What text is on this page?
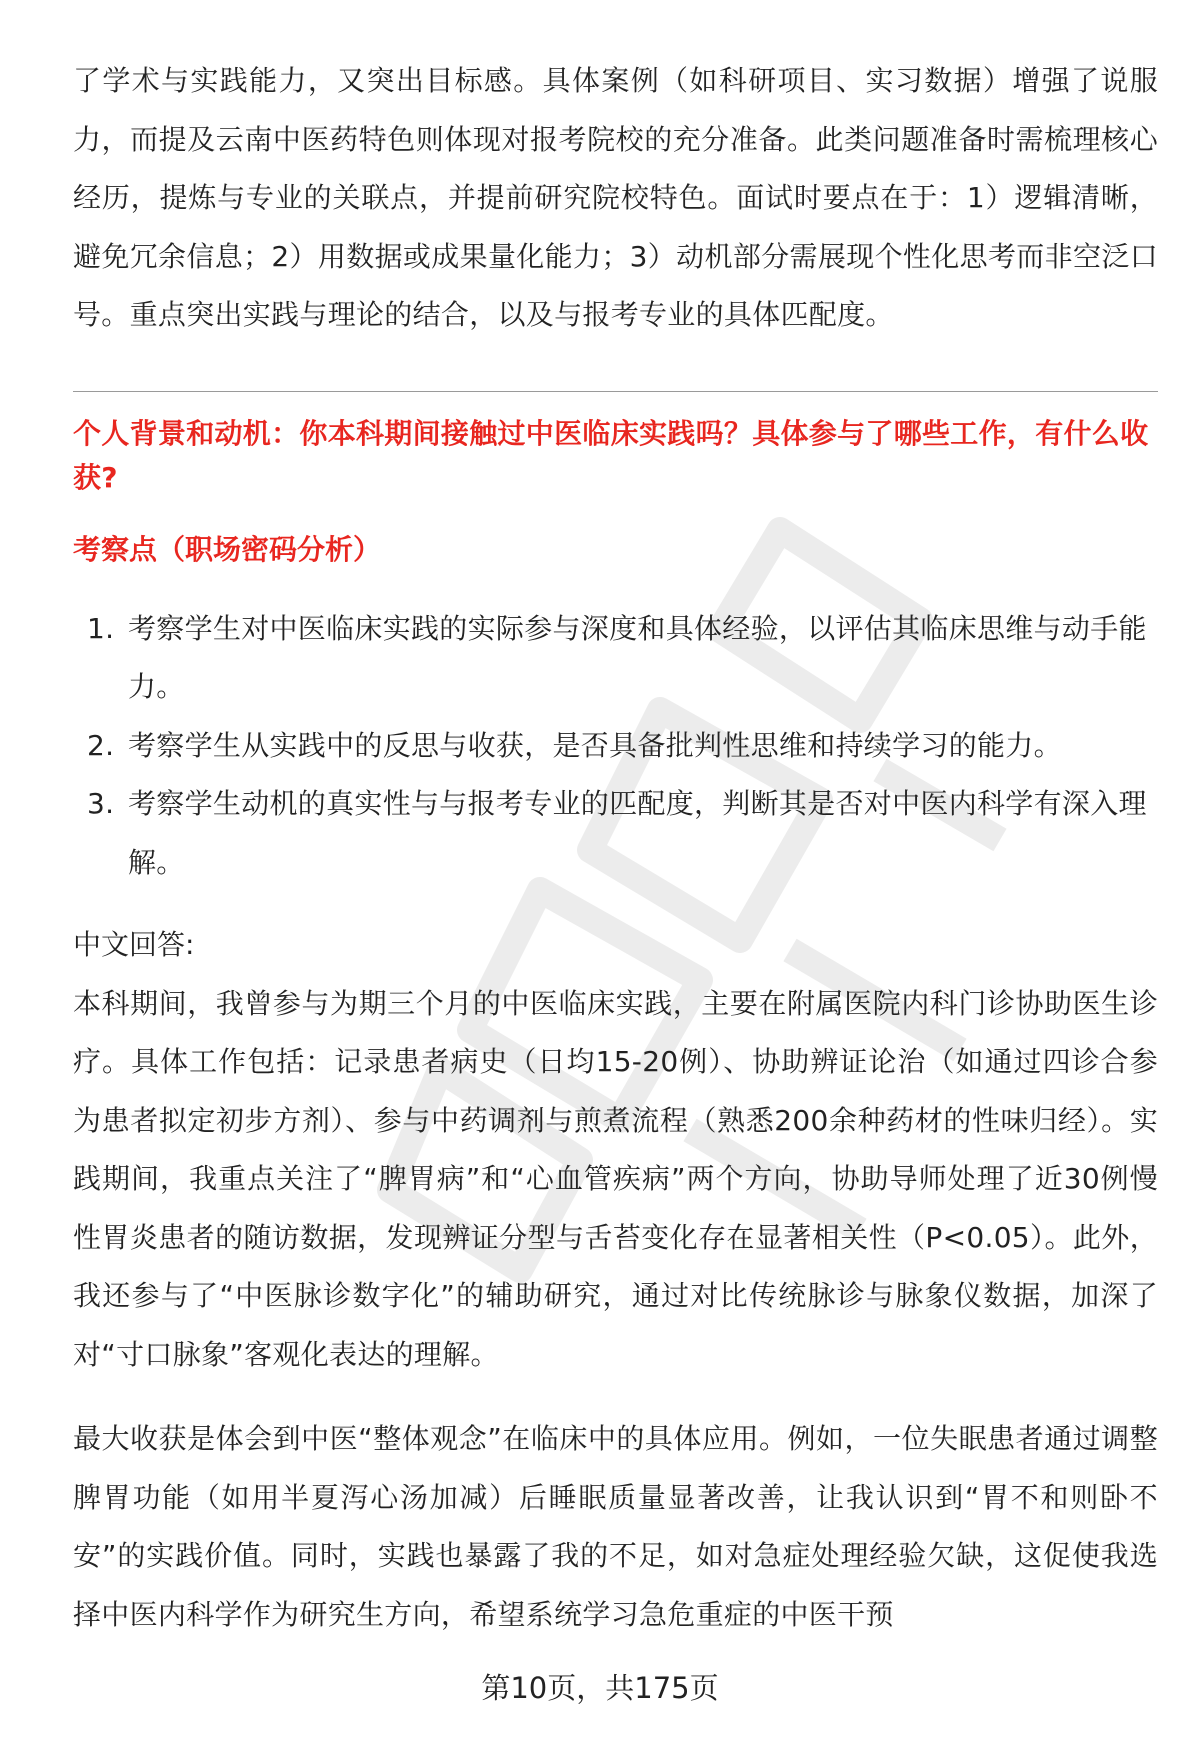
了学术与实践能力，又突出目标感。具体案例（如科研项目、实习数据）增强了说服力，而提及云南中医药特色则体现对报考院校的充分准备。此类问题准备时需梳理核心经历，提炼与专业的关联点，并提前研究院校特色。面试时要点在于：1）逻辑清晰，避免冗余信息；2）用数据或成果量化能力；3）动机部分需展现个性化思考而非空泛口号。重点突出实践与理论的结合，以及与报考专业的具体匹配度。

个人背景和动机：你本科期间接触过中医临床实践吗？具体参与了哪些工作，有什么收获?

考察点（职场密码分析）

1. 考察学生对中医临床实践的实际参与深度和具体经验，以评估其临床思维与动手能力。
2. 考察学生从实践中的反思与收获，是否具备批判性思维和持续学习的能力。
3. 考察学生动机的真实性与与报考专业的匹配度，判断其是否对中医内科学有深入理解。

中文回答:

本科期间，我曾参与为期三个月的中医临床实践，主要在附属医院内科门诊协助医生诊疗。具体工作包括：记录患者病史（日均15-20例）、协助辨证论治（如通过四诊合参为患者拟定初步方剂）、参与中药调剂与煎煮流程（熟悉200余种药材的性味归经）。实践期间，我重点关注了“脾胃病”和“心血管疾病”两个方向，协助导师处理了近30例慢性胃炎患者的随访数据，发现辨证分型与舌苔变化存在显著相关性（P<0.05）。此外，我还参与了“中医脉诊数字化”的辅助研究，通过对比传统脉诊与脉象仪数据，加深了对“寸口脉象”客观化表达的理解。

最大收获是体会到中医“整体观念”在临床中的具体应用。例如，一位失眠患者通过调整脾胃功能（如用半夏泻心汤加减）后睡眠质量显著改善，让我认识到“胃不和则卧不安”的实践价值。同时，实践也暴露了我的不足，如对急症处理经验欠缺，这促使我选择中医内科学作为研究生方向，希望系统学习急危重症的中医干预

第10页，共175页
